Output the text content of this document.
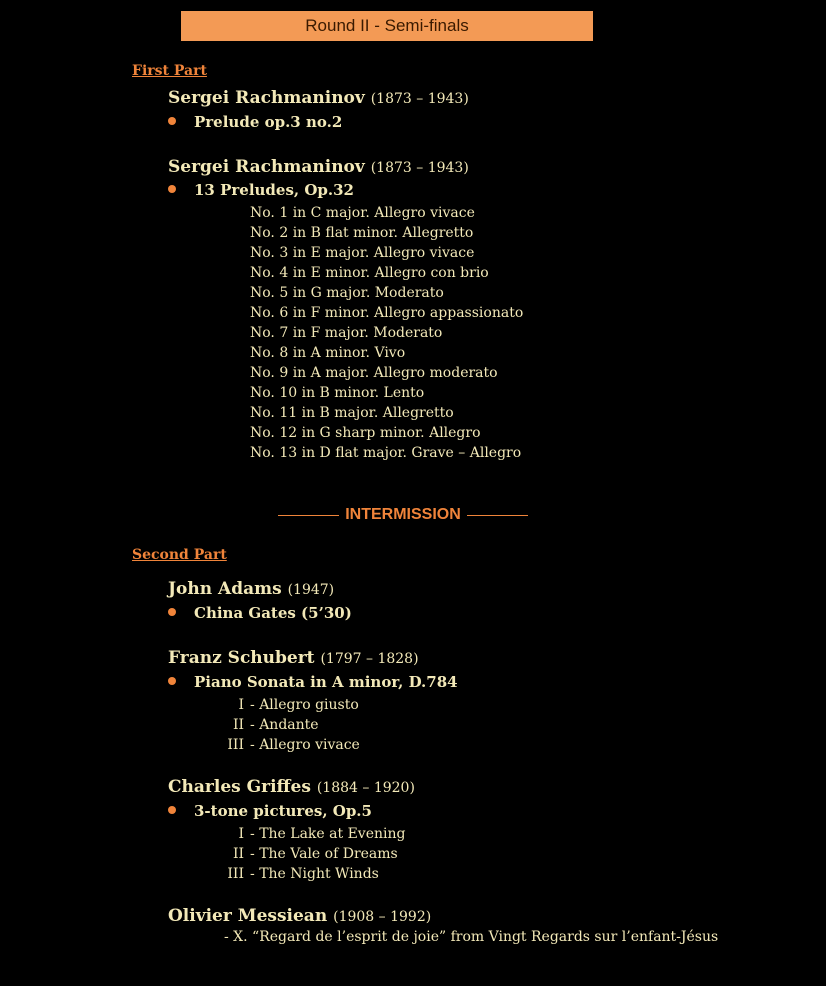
Round II - Semi-finals
First Part
Sergei Rachmaninov (1873 – 1943)
Prelude op.3 no.2
Sergei Rachmaninov (1873 – 1943)
13 Preludes, Op.32
No. 1 in C major. Allegro vivace
No. 2 in B flat minor. Allegretto
No. 3 in E major. Allegro vivace
No. 4 in E minor. Allegro con brio
No. 5 in G major. Moderato
No. 6 in F minor. Allegro appassionato
No. 7 in F major. Moderato
No. 8 in A minor. Vivo
No. 9 in A major. Allegro moderato
No. 10 in B minor. Lento
No. 11 in B major. Allegretto
No. 12 in G sharp minor. Allegro
No. 13 in D flat major. Grave – Allegro
INTERMISSION
Second Part
John Adams (1947)
China Gates (5’30)
Franz Schubert (1797 – 1828)
Piano Sonata in A minor, D.784
I - Allegro giusto
II - Andante
III - Allegro vivace
Charles Griffes (1884 – 1920)
3-tone pictures, Op.5
I - The Lake at Evening
II - The Vale of Dreams
III - The Night Winds
Olivier Messiean (1908 – 1992)
- X. “Regard de l’esprit de joie” from Vingt Regards sur l’enfant-Jésus
